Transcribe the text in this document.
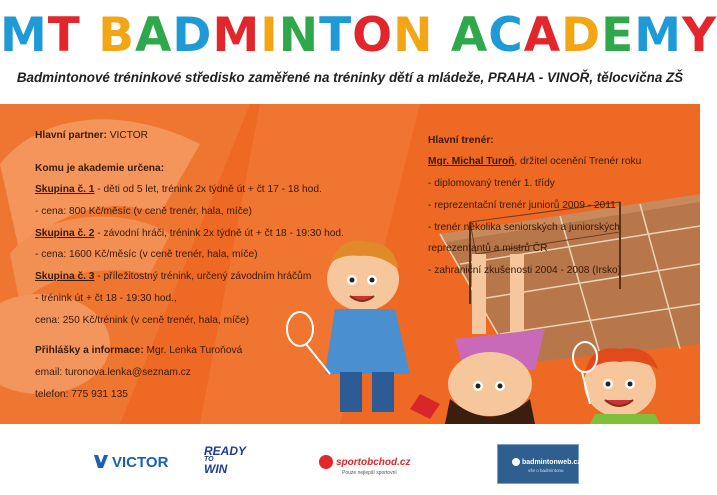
MT BADMINTON ACADEMY
Badmintonové tréninkové středisko zaměřené na tréninky dětí a mládeže, PRAHA - VINOŘ, tělocvična ZŠ
Hlavní partner: VICTOR
Komu je akademie určena:
Skupina č. 1 - děti od 5 let, trénink 2x týdně út + čt 17 - 18 hod.
- cena: 800 Kč/měsíc (v ceně trenér, hala, míče)
Skupina č. 2 - závodní hráči, trénink 2x týdně út + čt 18 - 19:30 hod.
- cena: 1600 Kč/měsíc (v ceně trenér, hala, míče)
Skupina č. 3 - příležitostný trénink, určený závodním hráčům
- trénink út + čt 18 - 19:30 hod.,
cena: 250 Kč/trénink (v ceně trenér, hala, míče)
Přihlášky a informace: Mgr. Lenka Turoňová
email: turonova.lenka@seznam.cz
telefon: 775 931 135
Hlavní trenér:
Mgr. Michal Turoň, držitel ocenění Trenér roku
- diplomovaný trenér 1. třídy
- reprezentační trenér juniorů 2009 - 2011
- trenér několika seniorských a juniorských
reprezentantů a mistrů ČR
- zahraniční zkušenosti 2004 - 2008 (Irsko)
VICTOR
READY
TO
WIN	sportobchod.cz
Pouze nejlepší sportovní
badmintonweb.cz
vše o badmintonu
